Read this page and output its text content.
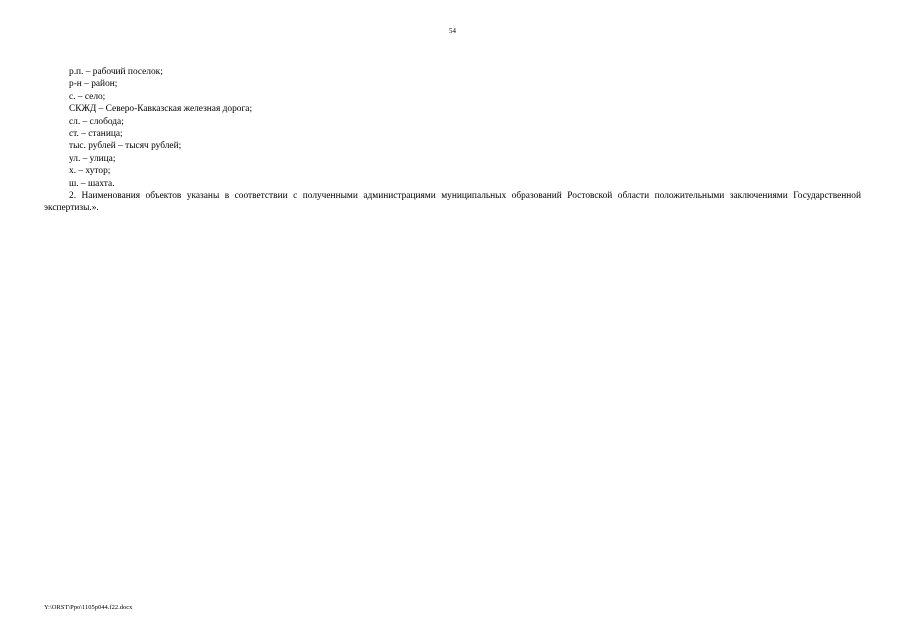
54

р.п. – рабочий поселок;

р-н – район;

с. – село;

СКЖД – Северо-Кавказская железная дорога;

сл. – слобода;

ст. – станица;

тыс. рублей – тысяч рублей;

ул. – улица;

х. – хутор;

ш. – шахта.

2. Наименования объектов указаны в соответствии с полученными администрациями муниципальных образований Ростовской области положительными заключениями Государственной экспертизы.».

Y:\ORST\Ppo\1105p044.f22.docx
